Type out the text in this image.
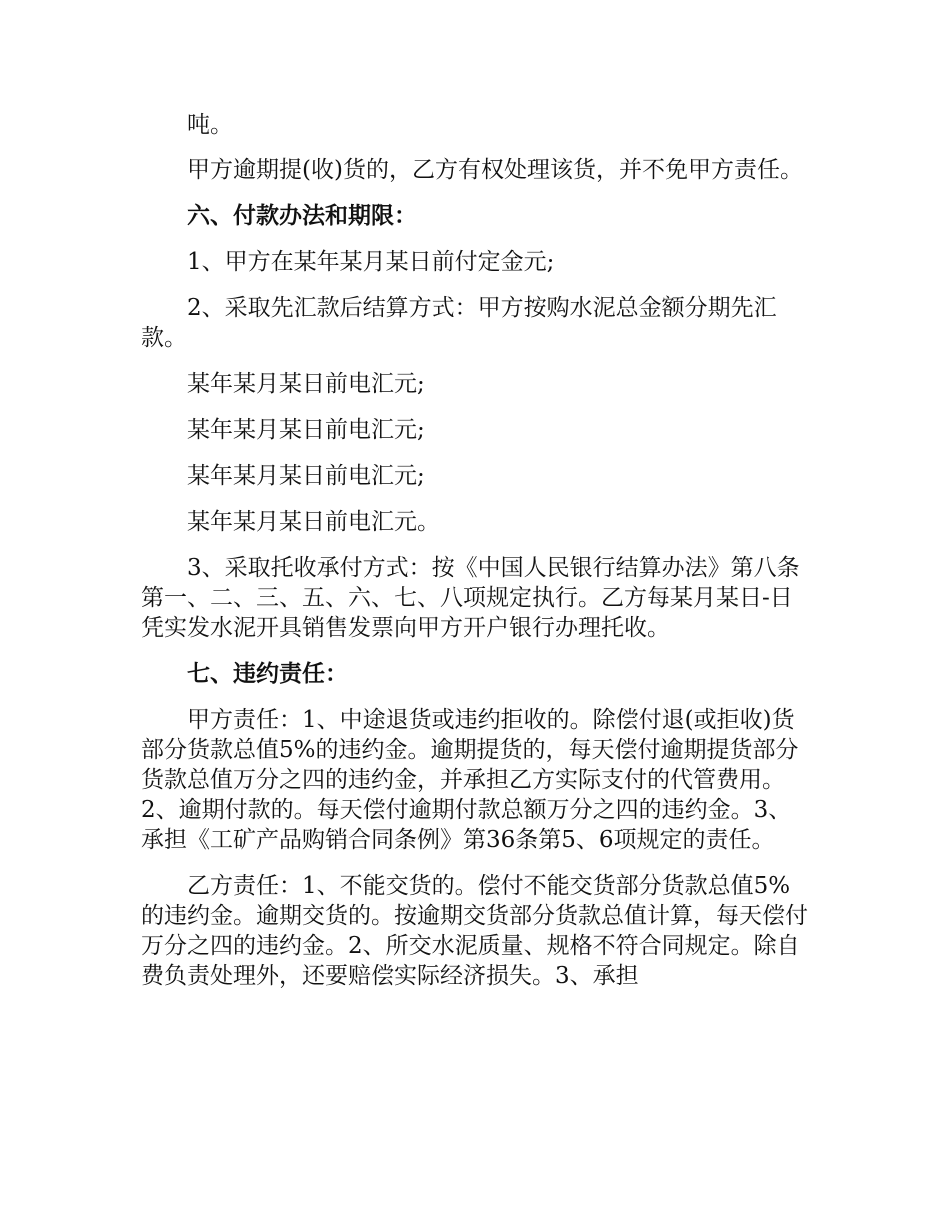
吨。

甲方逾期提(收)货的，乙方有权处理该货，并不免甲方责任。

六、付款办法和期限：

1、甲方在某年某月某日前付定金元;

2、采取先汇款后结算方式：甲方按购水泥总金额分期先汇款。

某年某月某日前电汇元;

某年某月某日前电汇元;

某年某月某日前电汇元;

某年某月某日前电汇元。

3、采取托收承付方式：按《中国人民银行结算办法》第八条第一、二、三、五、六、七、八项规定执行。乙方每某月某日-日凭实发水泥开具销售发票向甲方开户银行办理托收。

七、违约责任：

甲方责任：1、中途退货或违约拒收的。除偿付退(或拒收)货部分货款总值5%的违约金。逾期提货的，每天偿付逾期提货部分货款总值万分之四的违约金，并承担乙方实际支付的代管费用。2、逾期付款的。每天偿付逾期付款总额万分之四的违约金。3、承担《工矿产品购销合同条例》第36条第5、6项规定的责任。

乙方责任：1、不能交货的。偿付不能交货部分货款总值5%的违约金。逾期交货的。按逾期交货部分货款总值计算，每天偿付万分之四的违约金。2、所交水泥质量、规格不符合同规定。除自费负责处理外，还要赔偿实际经济损失。3、承担
